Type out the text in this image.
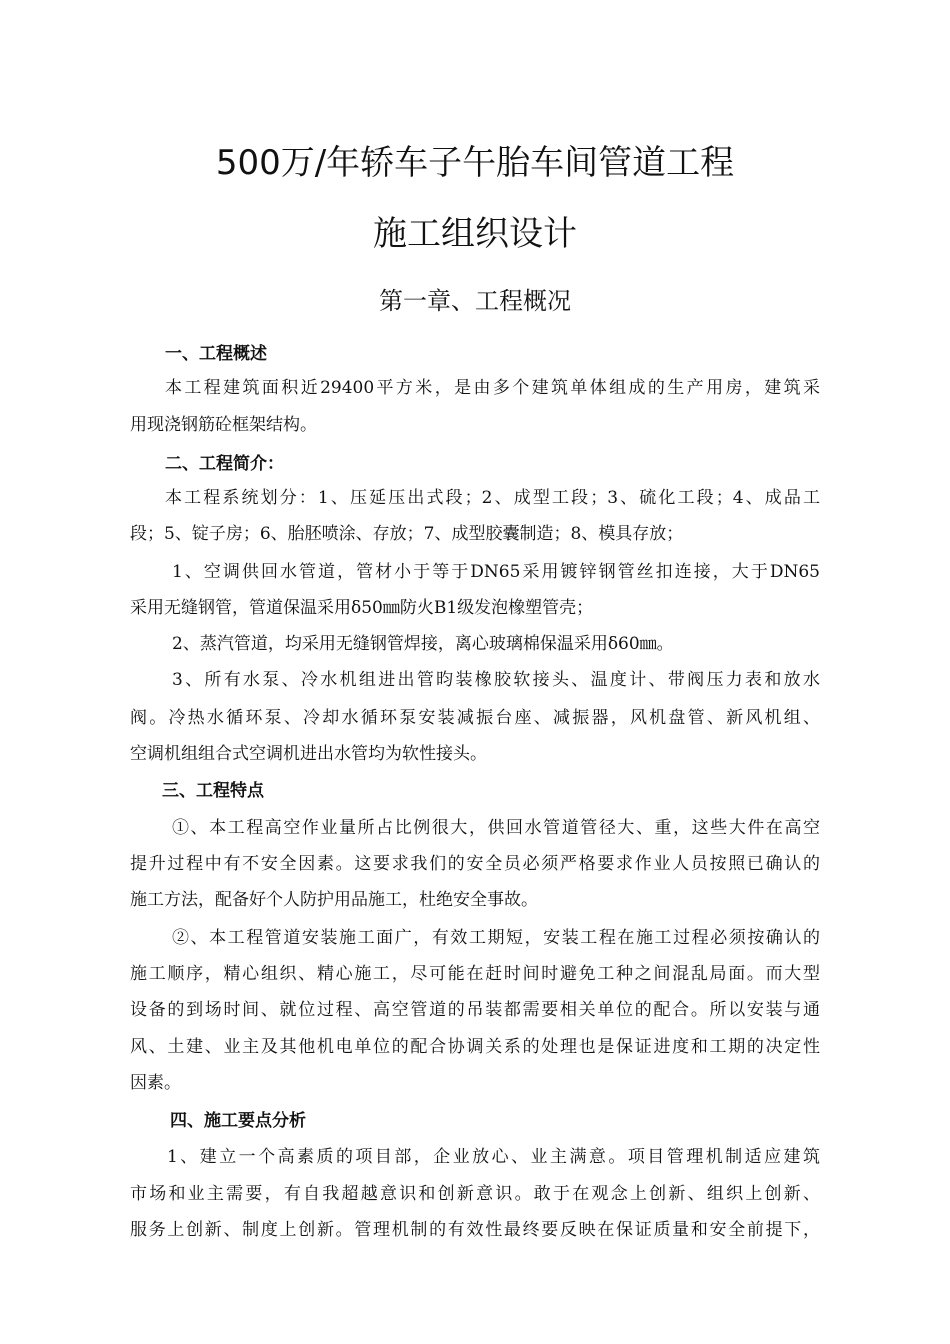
500万/年轿车子午胎车间管道工程
施工组织设计
第一章、工程概况
一、工程概述
本工程建筑面积近29400平方米，是由多个建筑单体组成的生产用房，建筑采
用现浇钢筋砼框架结构。
二、工程简介：
本工程系统划分：1、压延压出式段；2、成型工段；3、硫化工段；4、成品工
段；5、锭子房；6、胎胚喷涂、存放；7、成型胶囊制造；8、模具存放；
1、空调供回水管道，管材小于等于DN65采用镀锌钢管丝扣连接，大于DN65
采用无缝钢管，管道保温采用δ50㎜防火B1级发泡橡塑管壳；
2、蒸汽管道，均采用无缝钢管焊接，离心玻璃棉保温采用δ60㎜。
3、所有水泵、冷水机组进出管昀装橡胶软接头、温度计、带阀压力表和放水
阀。冷热水循环泵、冷却水循环泵安装减振台座、减振器，风机盘管、新风机组、
空调机组组合式空调机进出水管均为软性接头。
三、工程特点
①、本工程高空作业量所占比例很大，供回水管道管径大、重，这些大件在高空
提升过程中有不安全因素。这要求我们的安全员必须严格要求作业人员按照已确认的
施工方法，配备好个人防护用品施工，杜绝安全事故。
②、本工程管道安装施工面广，有效工期短，安装工程在施工过程必须按确认的
施工顺序，精心组织、精心施工，尽可能在赶时间时避免工种之间混乱局面。而大型
设备的到场时间、就位过程、高空管道的吊装都需要相关单位的配合。所以安装与通
风、土建、业主及其他机电单位的配合协调关系的处理也是保证进度和工期的决定性
因素。
四、施工要点分析
1、建立一个高素质的项目部，企业放心、业主满意。项目管理机制适应建筑
市场和业主需要，有自我超越意识和创新意识。敢于在观念上创新、组织上创新、
服务上创新、制度上创新。管理机制的有效性最终要反映在保证质量和安全前提下，
